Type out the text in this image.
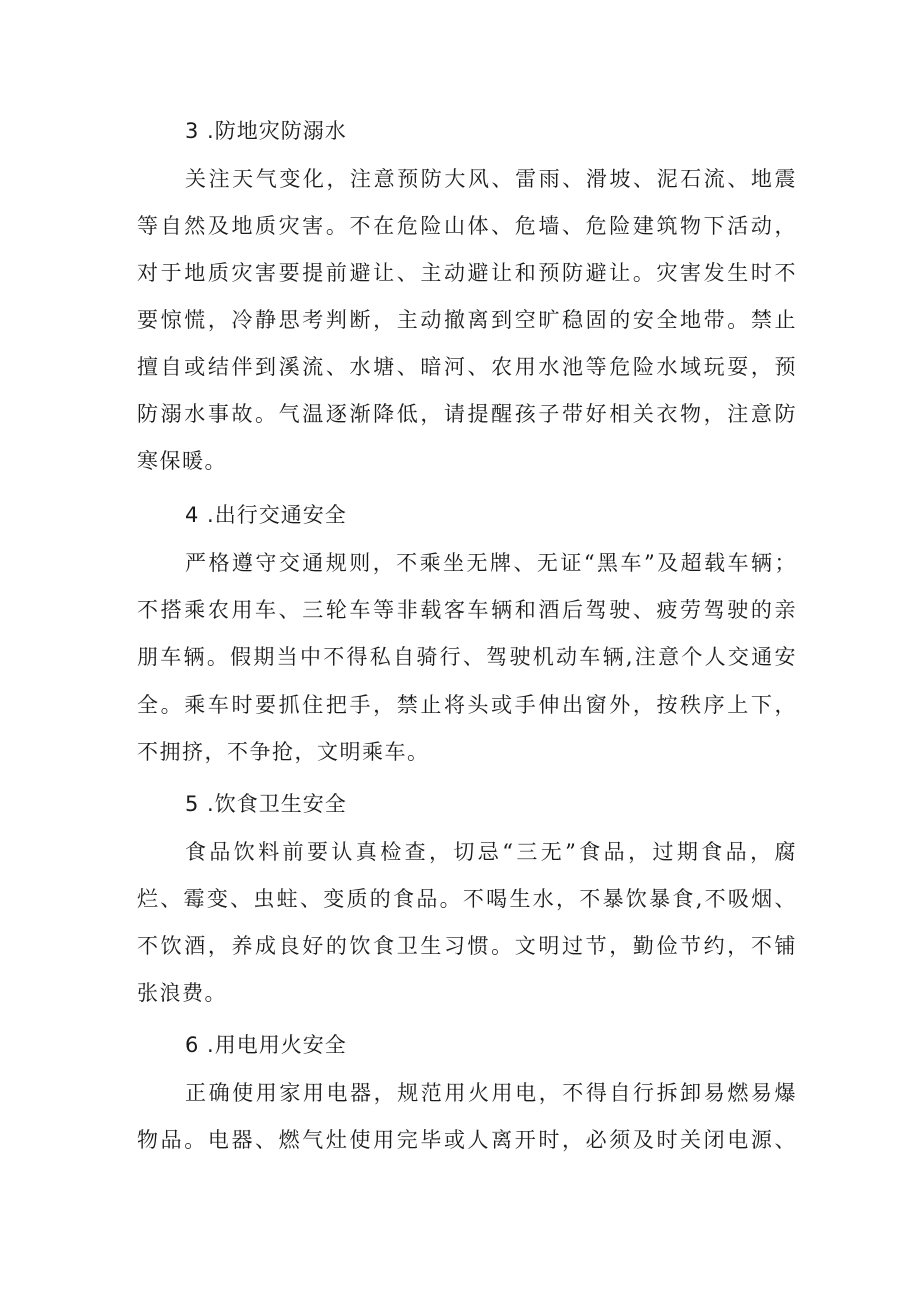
3 .防地灾防溺水
关注天气变化，注意预防大风、雷雨、滑坡、泥石流、地震
等自然及地质灾害。不在危险山体、危墙、危险建筑物下活动，
对于地质灾害要提前避让、主动避让和预防避让。灾害发生时不
要惊慌，冷静思考判断，主动撤离到空旷稳固的安全地带。禁止
擅自或结伴到溪流、水塘、暗河、农用水池等危险水域玩耍，预
防溺水事故。气温逐渐降低，请提醒孩子带好相关衣物，注意防
寒保暖。
4 .出行交通安全
严格遵守交通规则，不乘坐无牌、无证“黑车”及超载车辆；
不搭乘农用车、三轮车等非载客车辆和酒后驾驶、疲劳驾驶的亲
朋车辆。假期当中不得私自骑行、驾驶机动车辆,注意个人交通安
全。乘车时要抓住把手，禁止将头或手伸出窗外，按秩序上下，
不拥挤，不争抢，文明乘车。
5 .饮食卫生安全
食品饮料前要认真检查，切忌“三无”食品，过期食品，腐
烂、霉变、虫蛀、变质的食品。不喝生水，不暴饮暴食,不吸烟、
不饮酒，养成良好的饮食卫生习惯。文明过节，勤俭节约，不铺
张浪费。
6 .用电用火安全
正确使用家用电器，规范用火用电，不得自行拆卸易燃易爆
物品。电器、燃气灶使用完毕或人离开时，必须及时关闭电源、
